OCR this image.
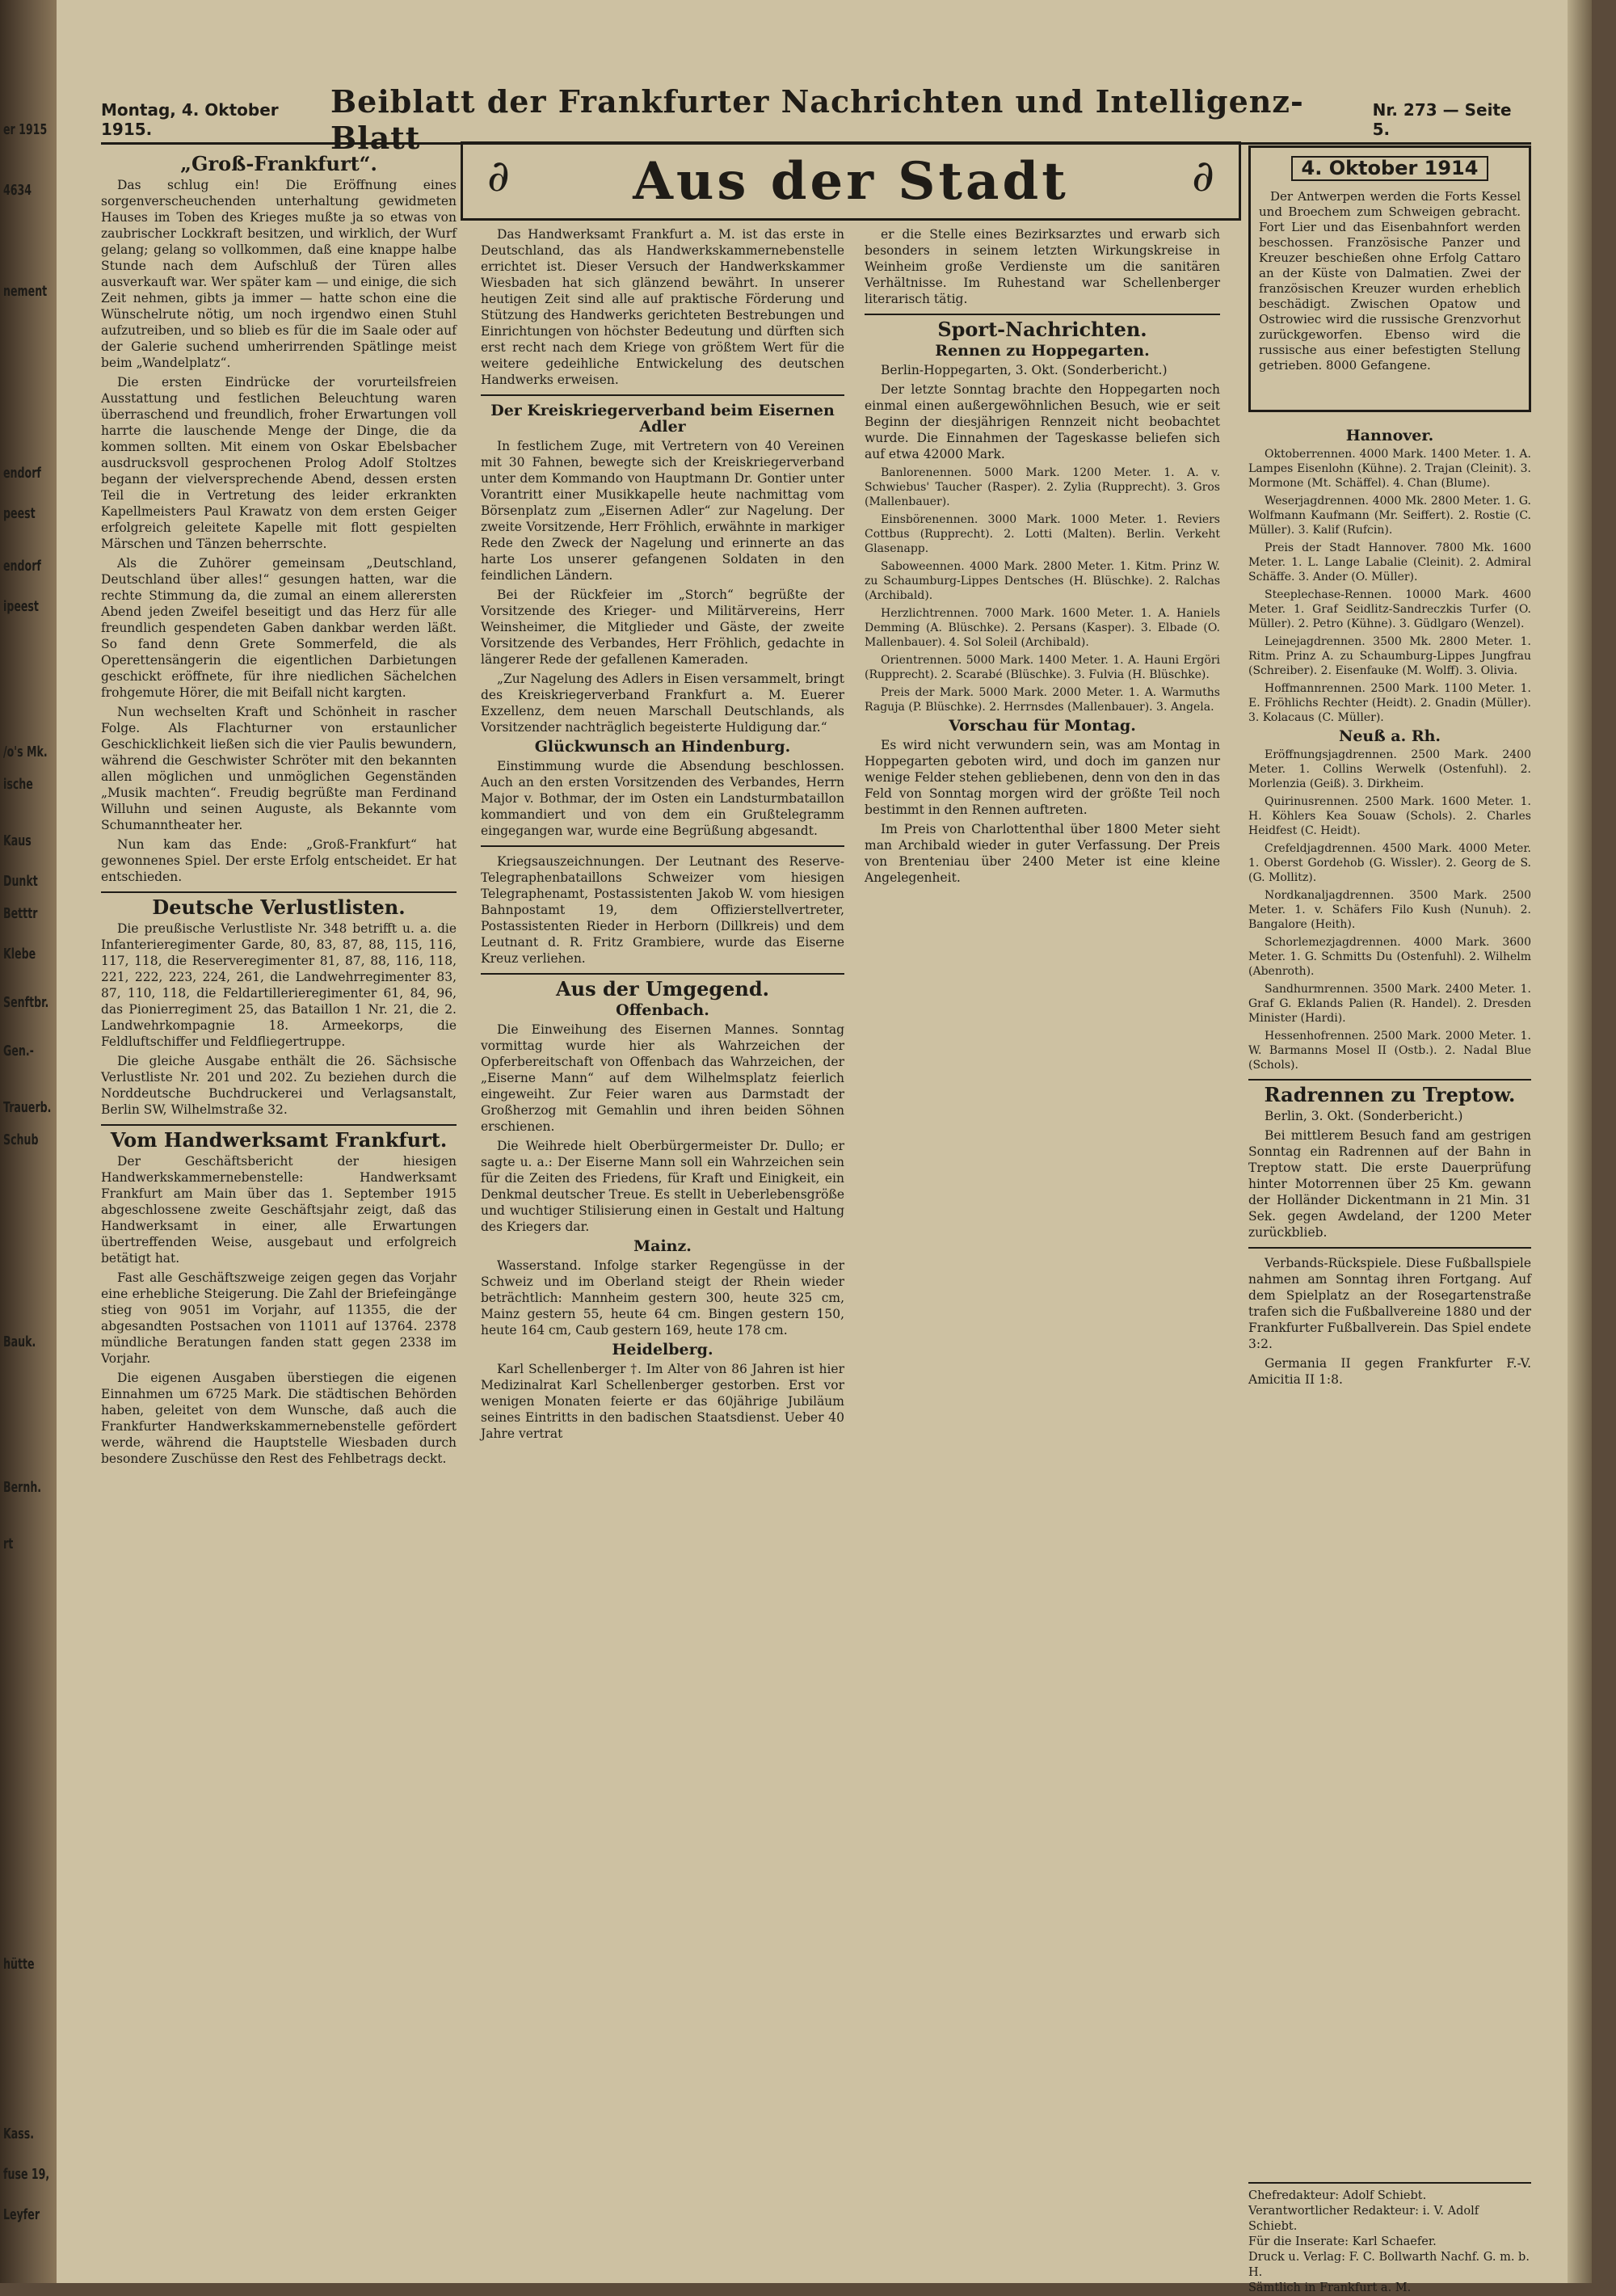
er 1915
4634
nement
endorf
peest
endorf
ipeest
/o's Mk.
ische
Kaus
Dunkt
Betttr
Klebe
Senftbr.
Gen.-
Trauerb.
Schub
Bauk.
Bernh.
rt
hütte
Kass.
fuse 19,
Leyfer
Montag, 4. Oktober 1915.
Beiblatt der Frankfurter Nachrichten und Intelligenz-Blatt
Nr. 273 — Seite 5.
„Groß-Frankfurt“.

Das schlug ein! Die Eröffnung eines sorgenverscheuchenden unterhaltung gewidmeten Hauses im Toben des Krieges mußte ja so etwas von zaubrischer Lockkraft besitzen, und wirklich, der Wurf gelang; gelang so vollkommen, daß eine knappe halbe Stunde nach dem Aufschluß der Türen alles ausverkauft war. Wer später kam — und einige, die sich Zeit nehmen, gibts ja immer — hatte schon eine die Wünschelrute nötig, um noch irgendwo einen Stuhl aufzutreiben, und so blieb es für die im Saale oder auf der Galerie suchend umherirrenden Spätlinge meist beim „Wandelplatz“.

Die ersten Eindrücke der vorurteilsfreien Ausstattung und festlichen Beleuchtung waren überraschend und freundlich, froher Erwartungen voll harrte die lauschende Menge der Dinge, die da kommen sollten. Mit einem von Oskar Ebelsbacher ausdrucksvoll gesprochenen Prolog Adolf Stoltzes begann der vielversprechende Abend, dessen ersten Teil die in Vertretung des leider erkrankten Kapellmeisters Paul Krawatz von dem ersten Geiger erfolgreich geleitete Kapelle mit flott gespielten Märschen und Tänzen beherrschte.

Als die Zuhörer gemeinsam „Deutschland, Deutschland über alles!“ gesungen hatten, war die rechte Stimmung da, die zumal an einem allerersten Abend jeden Zweifel beseitigt und das Herz für alle freundlich gespendeten Gaben dankbar werden läßt. So fand denn Grete Sommerfeld, die als Operettensängerin die eigentlichen Darbietungen geschickt eröffnete, für ihre niedlichen Sächelchen frohgemute Hörer, die mit Beifall nicht kargten.

Nun wechselten Kraft und Schönheit in rascher Folge. Als Flachturner von erstaunlicher Geschicklichkeit ließen sich die vier Paulis bewundern, während die Geschwister Schröter mit den bekannten allen möglichen und unmöglichen Gegenständen „Musik machten“. Freudig begrüßte man Ferdinand Willuhn und seinen Auguste, als Bekannte vom Schumanntheater her.

Nun kam das Ende: „Groß-Frankfurt“ hat gewonnenes Spiel. Der erste Erfolg entscheidet. Er hat entschieden.

Deutsche Verlustlisten.

Die preußische Verlustliste Nr. 348 betrifft u. a. die Infanterieregimenter Garde, 80, 83, 87, 88, 115, 116, 117, 118, die Reserveregimenter 81, 87, 88, 116, 118, 221, 222, 223, 224, 261, die Landwehrregimenter 83, 87, 110, 118, die Feldartillerieregimenter 61, 84, 96, das Pionierregiment 25, das Bataillon 1 Nr. 21, die 2. Landwehrkompagnie 18. Armeekorps, die Feldluftschiffer und Feldfliegertruppe.

Die gleiche Ausgabe enthält die 26. Sächsische Verlustliste Nr. 201 und 202. Zu beziehen durch die Norddeutsche Buchdruckerei und Verlagsanstalt, Berlin SW, Wilhelmstraße 32.

Vom Handwerksamt Frankfurt.

Der Geschäftsbericht der hiesigen Handwerkskammernebenstelle: Handwerksamt Frankfurt am Main über das 1. September 1915 abgeschlossene zweite Geschäftsjahr zeigt, daß das Handwerksamt in einer, alle Erwartungen übertreffenden Weise, ausgebaut und erfolgreich betätigt hat.

Fast alle Geschäftszweige zeigen gegen das Vorjahr eine erhebliche Steigerung. Die Zahl der Briefeingänge stieg von 9051 im Vorjahr, auf 11355, die der abgesandten Postsachen von 11011 auf 13764. 2378 mündliche Beratungen fanden statt gegen 2338 im Vorjahr.

Die eigenen Ausgaben überstiegen die eigenen Einnahmen um 6725 Mark. Die städtischen Behörden haben, geleitet von dem Wunsche, daß auch die Frankfurter Handwerkskammernebenstelle gefördert werde, während die Hauptstelle Wiesbaden durch besondere Zuschüsse den Rest des Fehlbetrags deckt.

∂ Aus der Stadt	∂

Das Handwerksamt Frankfurt a. M. ist das erste in Deutschland, das als Handwerkskammernebenstelle errichtet ist. Dieser Versuch der Handwerkskammer Wiesbaden hat sich glänzend bewährt. In unserer heutigen Zeit sind alle auf praktische Förderung und Stützung des Handwerks gerichteten Bestrebungen und Einrichtungen von höchster Bedeutung und dürften sich erst recht nach dem Kriege von größtem Wert für die weitere gedeihliche Entwickelung des deutschen Handwerks erweisen.

Der Kreiskriegerverband beim Eisernen Adler

In festlichem Zuge, mit Vertretern von 40 Vereinen mit 30 Fahnen, bewegte sich der Kreiskriegerverband unter dem Kommando von Hauptmann Dr. Gontier unter Vorantritt einer Musikkapelle heute nachmittag vom Börsenplatz zum „Eisernen Adler“ zur Nagelung. Der zweite Vorsitzende, Herr Fröhlich, erwähnte in markiger Rede den Zweck der Nagelung und erinnerte an das harte Los unserer gefangenen Soldaten in den feindlichen Ländern.

Bei der Rückfeier im „Storch“ begrüßte der Vorsitzende des Krieger- und Militärvereins, Herr Weinsheimer, die Mitglieder und Gäste, der zweite Vorsitzende des Verbandes, Herr Fröhlich, gedachte in längerer Rede der gefallenen Kameraden.

„Zur Nagelung des Adlers in Eisen versammelt, bringt des Kreiskriegerverband Frankfurt a. M. Euerer Exzellenz, dem neuen Marschall Deutschlands, als Vorsitzender nachträglich begeisterte Huldigung dar.“

Glückwunsch an Hindenburg.

Einstimmung wurde die Absendung beschlossen. Auch an den ersten Vorsitzenden des Verbandes, Herrn Major v. Bothmar, der im Osten ein Landsturmbataillon kommandiert und von dem ein Grußtelegramm eingegangen war, wurde eine Begrüßung abgesandt.

Kriegsauszeichnungen. Der Leutnant des Reserve-Telegraphenbataillons Schweizer vom hiesigen Telegraphenamt, Postassistenten Jakob W. vom hiesigen Bahnpostamt 19, dem Offizierstellvertreter, Postassistenten Rieder in Herborn (Dillkreis) und dem Leutnant d. R. Fritz Grambiere, wurde das Eiserne Kreuz verliehen.

Aus der Umgegend.
Offenbach.

Die Einweihung des Eisernen Mannes. Sonntag vormittag wurde hier als Wahrzeichen der Opferbereitschaft von Offenbach das Wahrzeichen, der „Eiserne Mann“ auf dem Wilhelmsplatz feierlich eingeweiht. Zur Feier waren aus Darmstadt der Großherzog mit Gemahlin und ihren beiden Söhnen erschienen.

Die Weihrede hielt Oberbürgermeister Dr. Dullo; er sagte u. a.: Der Eiserne Mann soll ein Wahrzeichen sein für die Zeiten des Friedens, für Kraft und Einigkeit, ein Denkmal deutscher Treue. Es stellt in Ueberlebensgröße und wuchtiger Stilisierung einen in Gestalt und Haltung des Kriegers dar.

Mainz.

Wasserstand. Infolge starker Regengüsse in der Schweiz und im Oberland steigt der Rhein wieder beträchtlich: Mannheim gestern 300, heute 325 cm, Mainz gestern 55, heute 64 cm. Bingen gestern 150, heute 164 cm, Caub gestern 169, heute 178 cm.

Heidelberg.

Karl Schellenberger †. Im Alter von 86 Jahren ist hier Medizinalrat Karl Schellenberger gestorben. Erst vor wenigen Monaten feierte er das 60jährige Jubiläum seines Eintritts in den badischen Staatsdienst. Ueber 40 Jahre vertrat

er die Stelle eines Bezirksarztes und erwarb sich besonders in seinem letzten Wirkungskreise in Weinheim große Verdienste um die sanitären Verhältnisse. Im Ruhestand war Schellenberger literarisch tätig.

Sport-Nachrichten.
Rennen zu Hoppegarten.

Berlin-Hoppegarten, 3. Okt. (Sonderbericht.)

Der letzte Sonntag brachte den Hoppegarten noch einmal einen außergewöhnlichen Besuch, wie er seit Beginn der diesjährigen Rennzeit nicht beobachtet wurde. Die Einnahmen der Tageskasse beliefen sich auf etwa 42000 Mark.

Banlorenennen. 5000 Mark. 1200 Meter. 1. A. v. Schwiebus' Taucher (Rasper). 2. Zylia (Rupprecht). 3. Gros (Mallenbauer).

Einsbörenennen. 3000 Mark. 1000 Meter. 1. Reviers Cottbus (Rupprecht). 2. Lotti (Malten). Berlin. Verkeht Glasenapp.

Saboweennen. 4000 Mark. 2800 Meter. 1. Kitm. Prinz W. zu Schaumburg-Lippes Dentsches (H. Blüschke). 2. Ralchas (Archibald).

Herzlichtrennen. 7000 Mark. 1600 Meter. 1. A. Haniels Demming (A. Blüschke). 2. Persans (Kasper). 3. Elbade (O. Mallenbauer). 4. Sol Soleil (Archibald).

Orientrennen. 5000 Mark. 1400 Meter. 1. A. Hauni Ergöri (Rupprecht). 2. Scarabé (Blüschke). 3. Fulvia (H. Blüschke).

Preis der Mark. 5000 Mark. 2000 Meter. 1. A. Warmuths Raguja (P. Blüschke). 2. Herrnsdes (Mallenbauer). 3. Angela.

Vorschau für Montag.

Es wird nicht verwundern sein, was am Montag in Hoppegarten geboten wird, und doch im ganzen nur wenige Felder stehen gebliebenen, denn von den in das Feld von Sonntag morgen wird der größte Teil noch bestimmt in den Rennen auftreten.

Im Preis von Charlottenthal über 1800 Meter sieht man Archibald wieder in guter Verfassung. Der Preis von Brenteniau über 2400 Meter ist eine kleine Angelegenheit.

4. Oktober 1914

Der Antwerpen werden die Forts Kessel und Broechem zum Schweigen gebracht. Fort Lier und das Eisenbahnfort werden beschossen. Französische Panzer und Kreuzer beschießen ohne Erfolg Cattaro an der Küste von Dalmatien. Zwei der französischen Kreuzer wurden erheblich beschädigt. Zwischen Opatow und Ostrowiec wird die russische Grenzvorhut zurückgeworfen. Ebenso wird die russische aus einer befestigten Stellung getrieben. 8000 Gefangene.

Hannover.

Oktoberrennen. 4000 Mark. 1400 Meter. 1. A. Lampes Eisenlohn (Kühne). 2. Trajan (Cleinit). 3. Mormone (Mt. Schäffel). 4. Chan (Blume).

Weserjagdrennen. 4000 Mk. 2800 Meter. 1. G. Wolfmann Kaufmann (Mr. Seiffert). 2. Rostie (C. Müller). 3. Kalif (Rufcin).

Preis der Stadt Hannover. 7800 Mk. 1600 Meter. 1. L. Lange Labalie (Cleinit). 2. Admiral Schäffe. 3. Ander (O. Müller).

Steeplechase-Rennen. 10000 Mark. 4600 Meter. 1. Graf Seidlitz-Sandreczkis Turfer (O. Müller). 2. Petro (Kühne). 3. Güdlgaro (Wenzel).

Leinejagdrennen. 3500 Mk. 2800 Meter. 1. Ritm. Prinz A. zu Schaumburg-Lippes Jungfrau (Schreiber). 2. Eisenfauke (M. Wolff). 3. Olivia.

Hoffmannrennen. 2500 Mark. 1100 Meter. 1. E. Fröhlichs Rechter (Heidt). 2. Gnadin (Müller). 3. Kolacaus (C. Müller).

Neuß a. Rh.

Eröffnungsjagdrennen. 2500 Mark. 2400 Meter. 1. Collins Werwelk (Ostenfuhl). 2. Morlenzia (Geiß). 3. Dirkheim.

Quirinusrennen. 2500 Mark. 1600 Meter. 1. H. Köhlers Kea Souaw (Schols). 2. Charles Heidfest (C. Heidt).

Crefeldjagdrennen. 4500 Mark. 4000 Meter. 1. Oberst Gordehob (G. Wissler). 2. Georg de S. (G. Mollitz).

Nordkanaljagdrennen. 3500 Mark. 2500 Meter. 1. v. Schäfers Filo Kush (Nunuh). 2. Bangalore (Heith).

Schorlemezjagdrennen. 4000 Mark. 3600 Meter. 1. G. Schmitts Du (Ostenfuhl). 2. Wilhelm (Abenroth).

Sandhurmrennen. 3500 Mark. 2400 Meter. 1. Graf G. Eklands Palien (R. Handel). 2. Dresden Minister (Hardi).

Hessenhofrennen. 2500 Mark. 2000 Meter. 1. W. Barmanns Mosel II (Ostb.). 2. Nadal Blue (Schols).

Radrennen zu Treptow.

Berlin, 3. Okt. (Sonderbericht.)

Bei mittlerem Besuch fand am gestrigen Sonntag ein Radrennen auf der Bahn in Treptow statt. Die erste Dauerprüfung hinter Motorrennen über 25 Km. gewann der Holländer Dickentmann in 21 Min. 31 Sek. gegen Awdeland, der 1200 Meter zurückblieb.

Verbands-Rückspiele. Diese Fußballspiele nahmen am Sonntag ihren Fortgang. Auf dem Spielplatz an der Rosegartenstraße trafen sich die Fußballvereine 1880 und der Frankfurter Fußballverein. Das Spiel endete 3:2.

Germania II gegen Frankfurter F.-V. Amicitia II 1:8.

Chefredakteur: Adolf Schiebt.
Verantwortlicher Redakteur: i. V. Adolf Schiebt.
Für die Inserate: Karl Schaefer.
Druck u. Verlag: F. C. Bollwarth Nachf. G. m. b. H.
Sämtlich in Frankfurt a. M.
